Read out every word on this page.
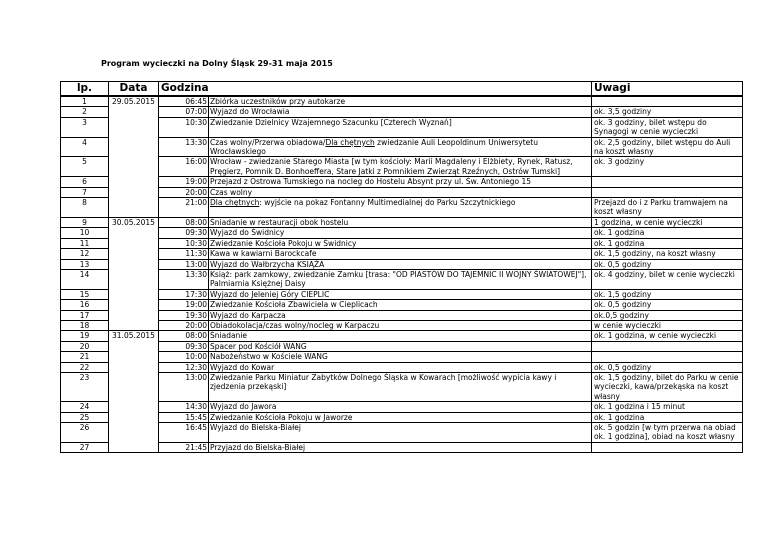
Program wycieczki na Dolny Śląsk 29-31 maja 2015
lp.	Data	Godzina		Uwagi
1	29.05.2015	06:45	Zbiórka uczestników przy autokarze	
2		07:00	Wyjazd do Wrocławia	ok. 3,5 godziny
3		10:30	Zwiedzanie Dzielnicy Wzajemnego Szacunku [Czterech Wyznań]	ok. 3 godziny, bilet wstępu do Synagogi w cenie wycieczki
4		13:30	Czas wolny/Przerwa obiadowa/Dla chętnych zwiedzanie Auli Leopoldinum Uniwersytetu Wrocławskiego	ok. 2,5 godziny, bilet wstępu do Auli na koszt własny
5		16:00	Wrocław - zwiedzanie Starego Miasta [w tym kościoły: Marii Magdaleny i Elżbiety, Rynek, Ratusz, Pręgierz, Pomnik D. Bonhoeffera, Stare Jatki z Pomnikiem Zwierząt Rzeźnych, Ostrów Tumski]	ok. 3 godziny
6		19:00	Przejazd z Ostrowa Tumskiego na nocleg do Hostelu Absynt przy ul. Św. Antoniego 15	
7		20:00	Czas wolny	
8		21:00	Dla chętnych: wyjście na pokaz Fontanny Multimedialnej do Parku Szczytnickiego	Przejazd do i z Parku tramwajem na koszt własny
9	30.05.2015	08:00	Śniadanie w restauracji obok hostelu	1 godzina, w cenie wycieczki
10		09:30	Wyjazd do Świdnicy	ok. 1 godzina
11		10:30	Zwiedzanie Kościoła Pokoju w Świdnicy	ok. 1 godzina
12		11:30	Kawa w kawiarni Barockcafe	ok. 1,5 godziny, na koszt własny
13		13:00	Wyjazd do Wałbrzycha KSIĄŻA	ok. 0,5 godziny
14		13:30	Książ: park zamkowy, zwiedzanie Zamku [trasa: "OD PIASTÓW DO TAJEMNIC II WOJNY ŚWIATOWEJ"], Palmiarnia Księżnej Daisy	ok. 4 godziny, bilet w cenie wycieczki
15		17:30	Wyjazd do Jeleniej Góry CIEPLIC	ok. 1,5 godziny
16		19:00	Zwiedzanie Kościoła Zbawiciela w Cieplicach	ok. 0,5 godziny
17		19:30	Wyjazd do Karpacza	ok.0,5 godziny
18		20:00	Obiadokolacja/czas wolny/nocleg w Karpaczu	w cenie wycieczki
19	31.05.2015	08:00	Śniadanie	ok. 1 godzina, w cenie wycieczki
20		09:30	Spacer pod Kościół WANG	
21		10:00	Nabożeństwo w Kościele WANG	
22		12:30	Wyjazd do Kowar	ok. 0,5 godziny
23		13:00	Zwiedzanie Parku Miniatur Zabytków Dolnego Śląska w Kowarach [możliwość wypicia kawy i zjedzenia przekąski]	ok. 1,5 godziny, bilet do Parku w cenie wycieczki, kawa/przekąska na koszt własny
24		14:30	Wyjazd do Jawora	ok. 1 godzina i 15 minut
25		15:45	Zwiedzanie Kościoła Pokoju w Jaworze	ok. 1 godzina
26		16:45	Wyjazd do Bielska-Białej	ok. 5 godzin [w tym przerwa na obiad ok. 1 godzina], obiad na koszt własny
27		21:45	Przyjazd do Bielska-Białej	
